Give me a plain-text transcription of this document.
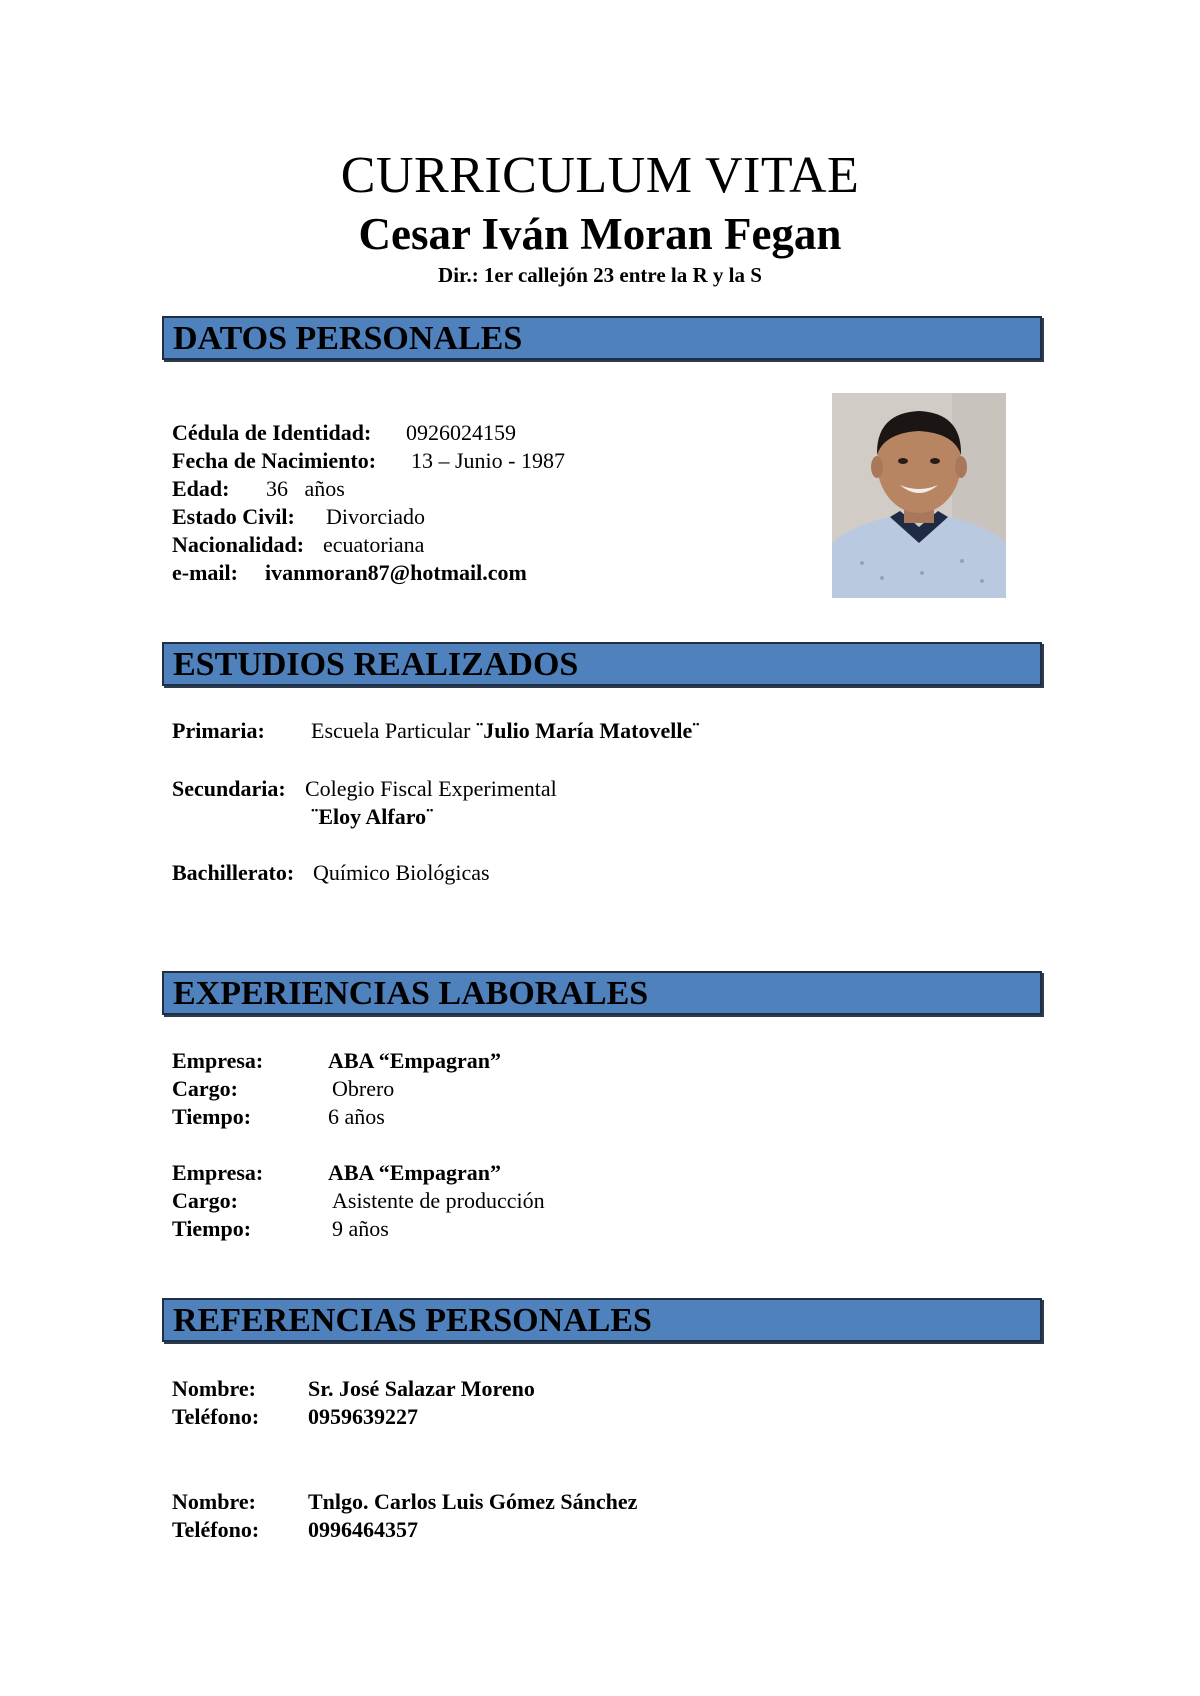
CURRICULUM VITAE
Cesar Iván Moran Fegan
Dir.: 1er callejón 23 entre la R y la S
DATOS PERSONALES
Cédula de Identidad: 0926024159
Fecha de Nacimiento: 13 – Junio - 1987
Edad: 36   años
Estado Civil: Divorciado
Nacionalidad: ecuatoriana
e-mail: ivanmoran87@hotmail.com
ESTUDIOS REALIZADOS
Primaria: Escuela Particular ¨Julio María Matovelle¨
Secundaria: Colegio Fiscal Experimental
¨Eloy Alfaro¨
Bachillerato: Químico Biológicas
EXPERIENCIAS LABORALES
Empresa:	ABA “Empagran”
Cargo:	Obrero
Tiempo:	6 años
Empresa:	ABA “Empagran”
Cargo:	Asistente de producción
Tiempo:	9 años
REFERENCIAS PERSONALES
Nombre: Sr. José Salazar Moreno
Teléfono: 0959639227
Nombre: Tnlgo. Carlos Luis Gómez Sánchez
Teléfono: 0996464357
